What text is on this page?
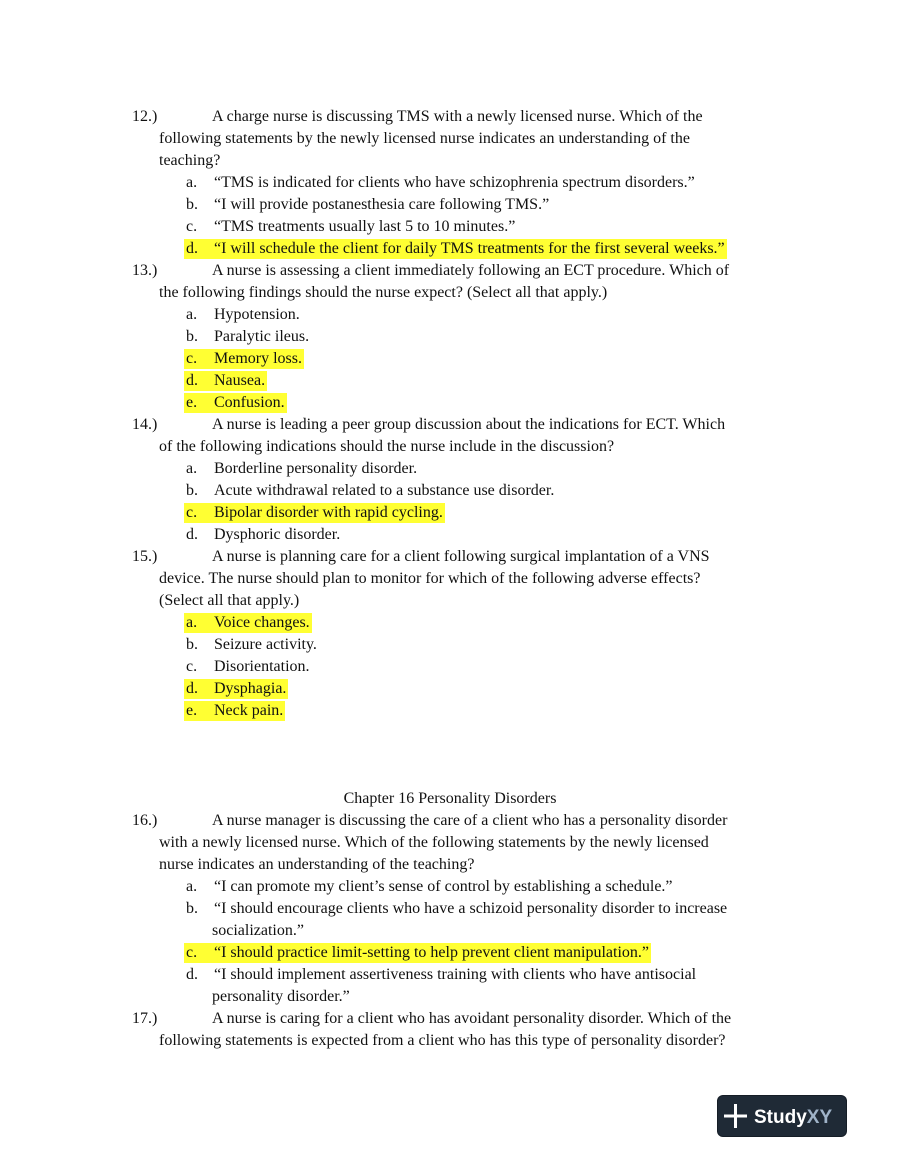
12.)	A charge nurse is discussing TMS with a newly licensed nurse. Which of the
following statements by the newly licensed nurse indicates an understanding of the
teaching?
a. “TMS is indicated for clients who have schizophrenia spectrum disorders.”
b. “I will provide postanesthesia care following TMS.”
c. “TMS treatments usually last 5 to 10 minutes.”
d. “I will schedule the client for daily TMS treatments for the first several weeks.”
13.)	A nurse is assessing a client immediately following an ECT procedure. Which of
the following findings should the nurse expect? (Select all that apply.)
a. Hypotension.
b. Paralytic ileus.
c. Memory loss.
d. Nausea.
e. Confusion.
14.)	A nurse is leading a peer group discussion about the indications for ECT. Which
of the following indications should the nurse include in the discussion?
a. Borderline personality disorder.
b. Acute withdrawal related to a substance use disorder.
c. Bipolar disorder with rapid cycling.
d. Dysphoric disorder.
15.)	A nurse is planning care for a client following surgical implantation of a VNS
device. The nurse should plan to monitor for which of the following adverse effects?
(Select all that apply.)
a. Voice changes.
b. Seizure activity.
c. Disorientation.
d. Dysphagia.
e. Neck pain.
Chapter 16 Personality Disorders
16.)	A nurse manager is discussing the care of a client who has a personality disorder
with a newly licensed nurse. Which of the following statements by the newly licensed
nurse indicates an understanding of the teaching?
a. “I can promote my client’s sense of control by establishing a schedule.”
b. “I should encourage clients who have a schizoid personality disorder to increase
socialization.”
c. “I should practice limit-setting to help prevent client manipulation.”
d. “I should implement assertiveness training with clients who have antisocial
personality disorder.”
17.)	A nurse is caring for a client who has avoidant personality disorder. Which of the
following statements is expected from a client who has this type of personality disorder?
StudyXY
